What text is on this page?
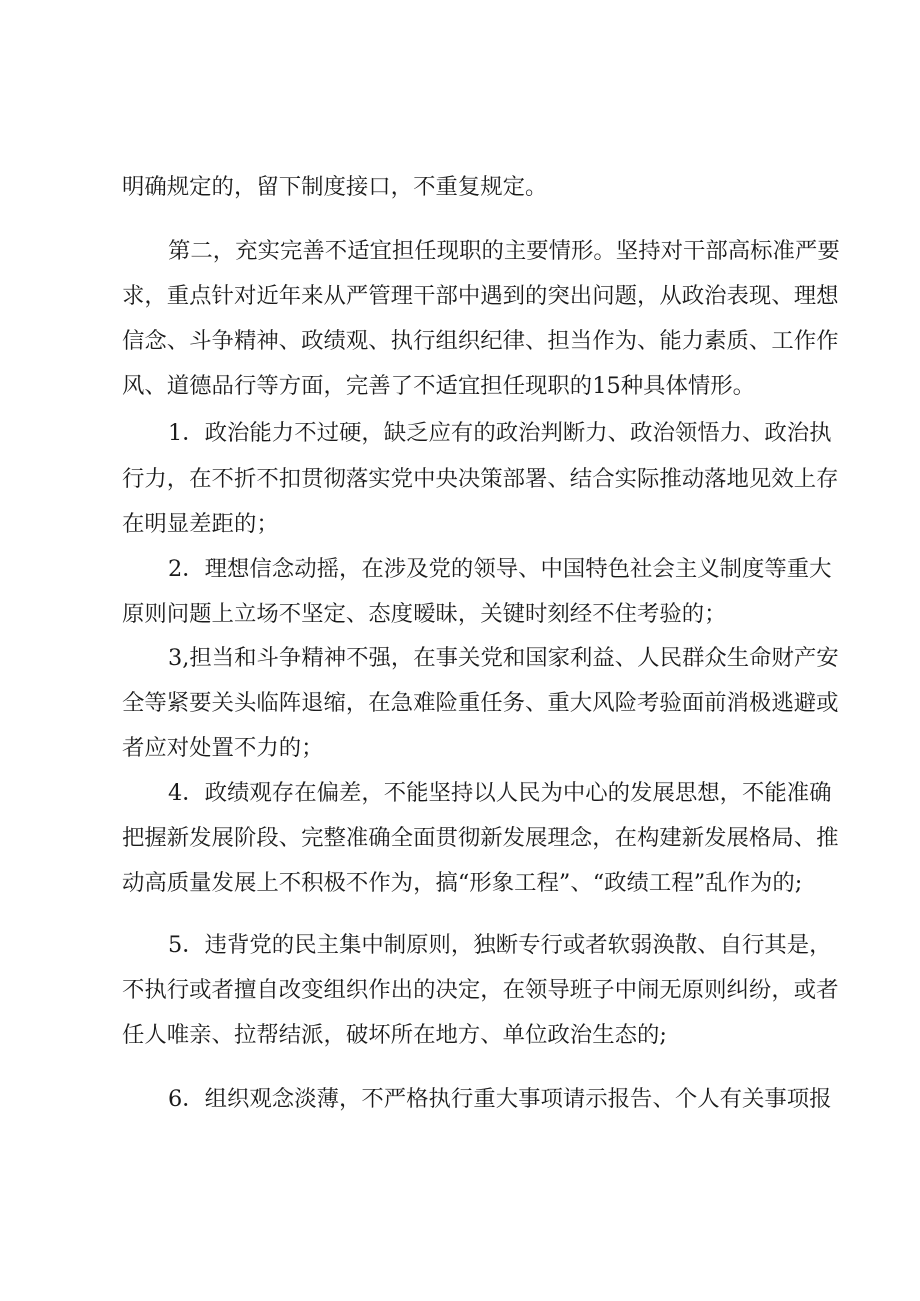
明确规定的，留下制度接口，不重复规定。
第二，充实完善不适宜担任现职的主要情形。坚持对干部高标准严要
求，重点针对近年来从严管理干部中遇到的突出问题，从政治表现、理想
信念、斗争精神、政绩观、执行组织纪律、担当作为、能力素质、工作作
风、道德品行等方面，完善了不适宜担任现职的15种具体情形。
1．政治能力不过硬，缺乏应有的政治判断力、政治领悟力、政治执
行力，在不折不扣贯彻落实党中央决策部署、结合实际推动落地见效上存
在明显差距的；
2．理想信念动摇，在涉及党的领导、中国特色社会主义制度等重大
原则问题上立场不坚定、态度暧昧，关键时刻经不住考验的；
3,担当和斗争精神不强，在事关党和国家利益、人民群众生命财产安
全等紧要关头临阵退缩，在急难险重任务、重大风险考验面前消极逃避或
者应对处置不力的；
4．政绩观存在偏差，不能坚持以人民为中心的发展思想，不能准确
把握新发展阶段、完整准确全面贯彻新发展理念，在构建新发展格局、推
动高质量发展上不积极不作为，搞“形象工程”、“政绩工程”乱作为的;
5．违背党的民主集中制原则，独断专行或者软弱涣散、自行其是，
不执行或者擅自改变组织作出的决定，在领导班子中闹无原则纠纷，或者
任人唯亲、拉帮结派，破坏所在地方、单位政治生态的;
6．组织观念淡薄，不严格执行重大事项请示报告、个人有关事项报
